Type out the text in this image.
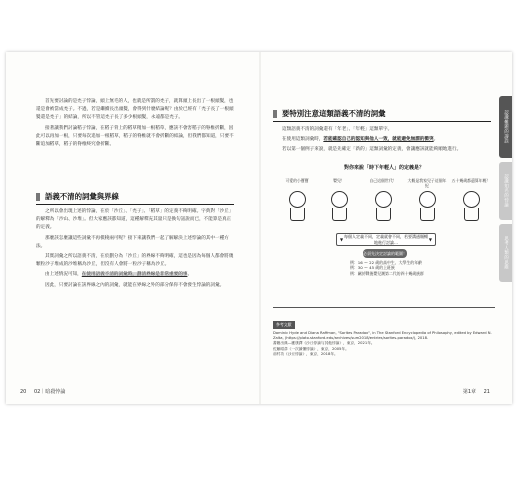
首先要討論的是禿子悖論，頭上無毛的人，也就是所謂的禿子，就算頭上長出了一根頭髮，也還是會被當成禿子。不過，若是繼續長出頭髮，會得到什麼結論呢？由於已經有「禿子長了一根頭髮還是禿子」的結論，所以不管這禿子長了多少根頭髮，永遠都是禿子。

接著讓我們討論稻子悖論，在稻子背上的稻草稍加一根稻草，應該不會害稻子的脊椎折斷，因此可以再加一根，只要每次追加一根稻草，稻子的脊椎就不會折斷的結論，但我們都知道，只要不斷追加稻草，稻子的脊椎終究會折斷。

語義不清的詞彙與界線

之所以會出現上述的悖論，在於「沙丘」、「禿子」、「稻草」的定義不夠明確。字典對「沙丘」的解釋為「沙山、沙堆」。但大家應該都知道，這種解釋充其量只是換句話說而已，不能算是真正的定義。

那麼該怎麼讓這些詞彙不再模稜兩可呢？接下來讓我們一起了解解決上述悖論的其中一種方法。

其實詞彙之所以語義不清，在於劃分為「沙丘」的界線不夠明確，這也是因為每個人都會將幾顆粒沙子堆成的沙堆稱為沙丘，但沒有人會將一粒沙子稱為沙丘。

由上述情況可知，在使用語義不清的詞彙時，劃清界線是非常重要的事。

因此，只要討論在該界線之內的詞彙，就能在界線之外的部分保你不會發生悖論的詞彙。

20 02｜暗殺悖論
要特別注意這類語義不清的詞彙

這類語義不清的詞彙還有「年老」、「年輕」這類單字。

在使用這類詞彙時，若能確認自己的認知與他人一致，就能避免無謂的衝突。

若以第一個例子來說，就是先確定「新的」這類詞彙的定義，會讓應該就能夠順地進行。

對你來說「時下年輕人」的定義是？
可愛的小寶寶	嬰兒！	自己這個世代！	大概是我家兒子這個年紀
五十幾歲都還算年輕！
▼
每個人定義不同，定義就會不同，若要溝通順暢地進行討論…	▼
必須先決定討論的範圍！
例：16 ～ 22 歲的高中生、大學生的年齡
例：30 ～ 45 歲的上班族
例：屬於戰後嬰兒潮第二代的四十幾歲族群
參考文獻
Dominic Hyde and Diana Raffman, "Sorites Paradox", in The Stanford Encyclopedia of Philosophy, edited by Edward N. Zalta, (https://plato.stanford.edu/archives/sum2018/entries/sorites-paradox/), 2018.
書籍出典—應康譯《沙丘悖論与其他悖論》，東京，2021年。
佐藤昭彥《一次讀懂悖論》，東京，2005年。
前村功《沙丘悖論》，東京，2018年。
第1章 21
認識難題的謬誤
認識知名的悖論
思考人類的思維
